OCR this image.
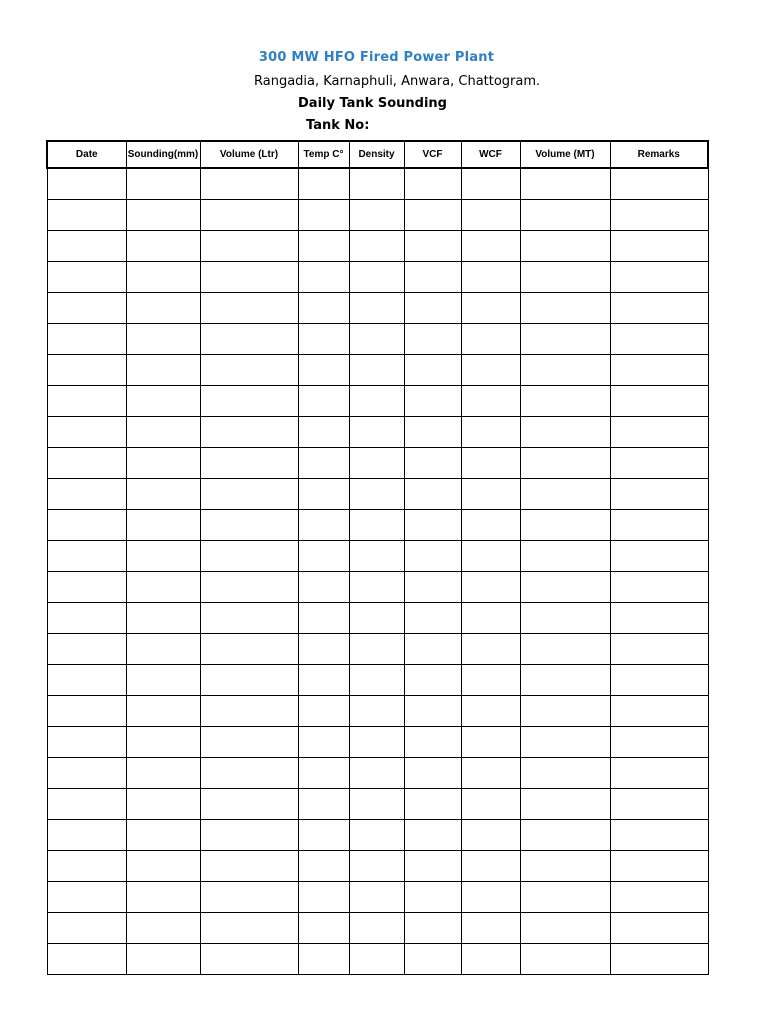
300 MW HFO Fired Power Plant
Rangadia, Karnaphuli, Anwara, Chattogram.
Daily Tank Sounding
Tank No:
Date	Sounding(mm)	Volume (Ltr)	Temp C°	Density	VCF	WCF	Volume (MT)	Remarks
